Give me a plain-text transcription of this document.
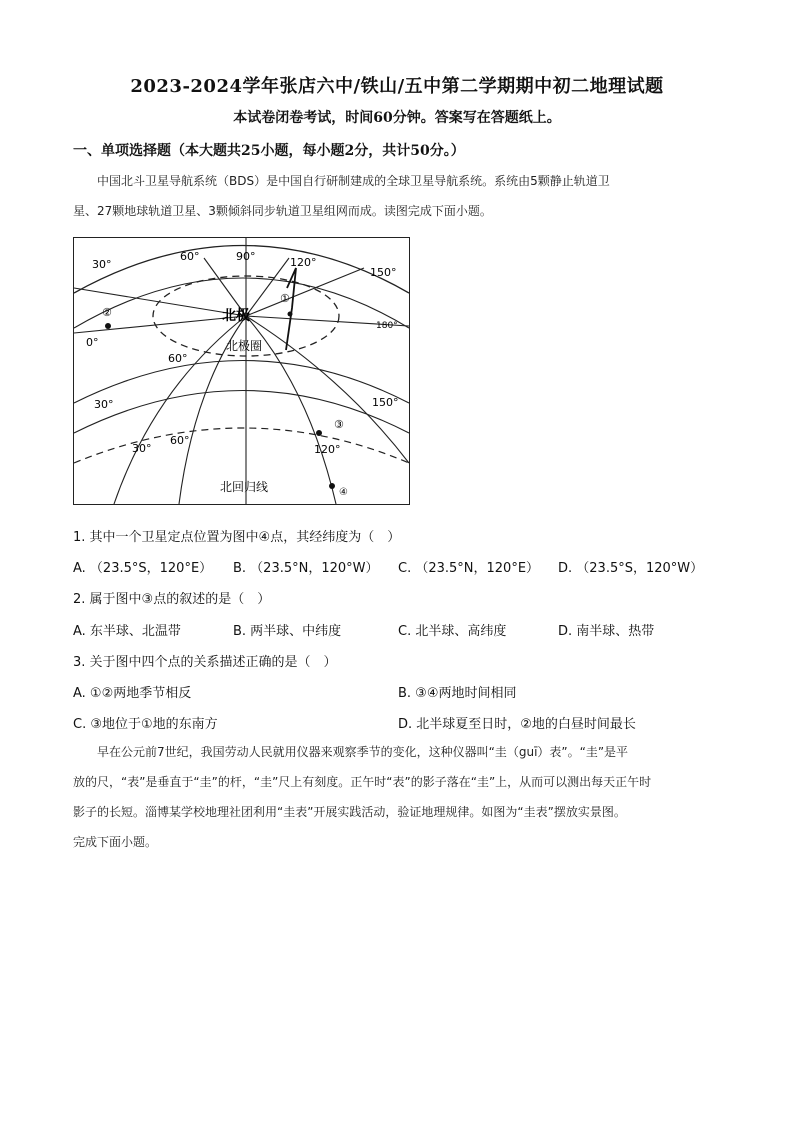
2023-2024学年张店六中/铁山/五中第二学期期中初二地理试题
本试卷闭卷考试，时间60分钟。答案写在答题纸上。
一、单项选择题（本大题共25小题，每小题2分，共计50分。）
中国北斗卫星导航系统（BDS）是中国自行研制建成的全球卫星导航系统。系统由5颗静止轨道卫
星、27颗地球轨道卫星、3颗倾斜同步轨道卫星组网而成。读图完成下面小题。
30°
60°	90°	120°
150°
180°
0°
60°
30°
30°
60°
150°
120°
北极
北极圈
北回归线
①
②
③
④
1. 其中一个卫星定点位置为图中④点，其经纬度为（　）
A. （23.5°S，120°E） B. （23.5°N，120°W） C. （23.5°N，120°E） D. （23.5°S，120°W）
2. 属于图中③点的叙述的是（　）
A. 东半球、北温带	B. 两半球、中纬度	C. 北半球、高纬度	D. 南半球、热带
3. 关于图中四个点的关系描述正确的是（　）
A. ①②两地季节相反	B. ③④两地时间相同
C. ③地位于①地的东南方	D. 北半球夏至日时，②地的白昼时间最长
早在公元前7世纪，我国劳动人民就用仪器来观察季节的变化，这种仪器叫“圭（guī）表”。“圭”是平
放的尺，“表”是垂直于“圭”的杆，“圭”尺上有刻度。正午时“表”的影子落在“圭”上，从而可以测出每天正午时
影子的长短。淄博某学校地理社团利用“圭表”开展实践活动，验证地理规律。如图为“圭表”摆放实景图。
完成下面小题。
